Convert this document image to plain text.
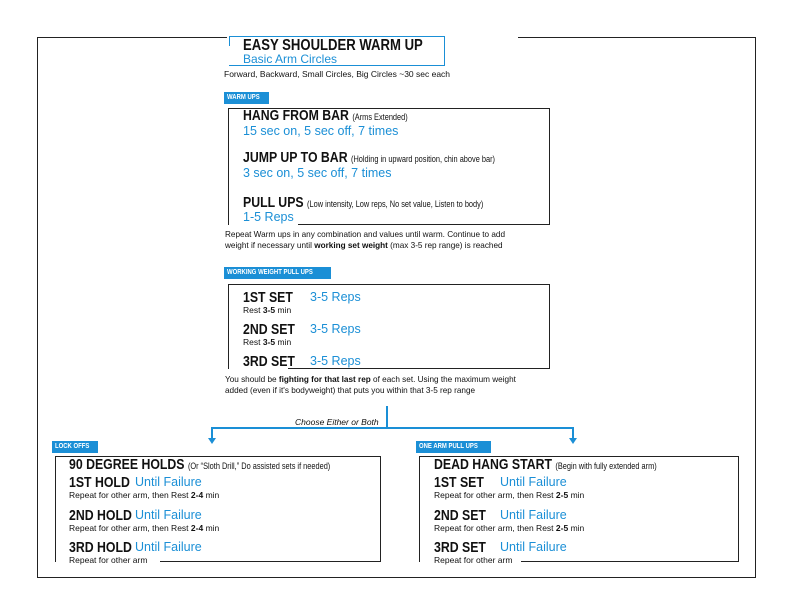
EASY SHOULDER WARM UP
Basic Arm Circles
Forward, Backward, Small Circles, Big Circles ~30 sec each
WARM UPS
HANG FROM BAR (Arms Extended)
15 sec on, 5 sec off, 7 times
JUMP UP TO BAR (Holding in upward position, chin above bar)
3 sec on, 5 sec off, 7 times
PULL UPS (Low intensity, Low reps, No set value, Listen to body)
1-5 Reps
Repeat Warm ups in any combination and values until warm. Continue to add
weight if necessary until working set weight (max 3-5 rep range) is reached
WORKING WEIGHT PULL UPS
1ST SET
Rest 3-5 min
3-5 Reps
2ND SET
Rest 3-5 min
3-5 Reps
3RD SET 3-5 Reps
You should be fighting for that last rep of each set. Using the maximum weight
added (even if it's bodyweight) that puts you within that 3-5 rep range
Choose Either or Both
LOCK OFFS
90 DEGREE HOLDS (Or “Sloth Drill,” Do assisted sets if needed)
1ST HOLD
Repeat for other arm, then Rest 2-4 min
Until Failure
2ND HOLD
Repeat for other arm, then Rest 2-4 min
Until Failure
3RD HOLD
Repeat for other arm
Until Failure
ONE ARM PULL UPS
DEAD HANG START (Begin with fully extended arm)
1ST SET
Repeat for other arm, then Rest 2-5 min
Until Failure
2ND SET
Repeat for other arm, then Rest 2-5 min
Until Failure
3RD SET
Repeat for other arm
Until Failure
